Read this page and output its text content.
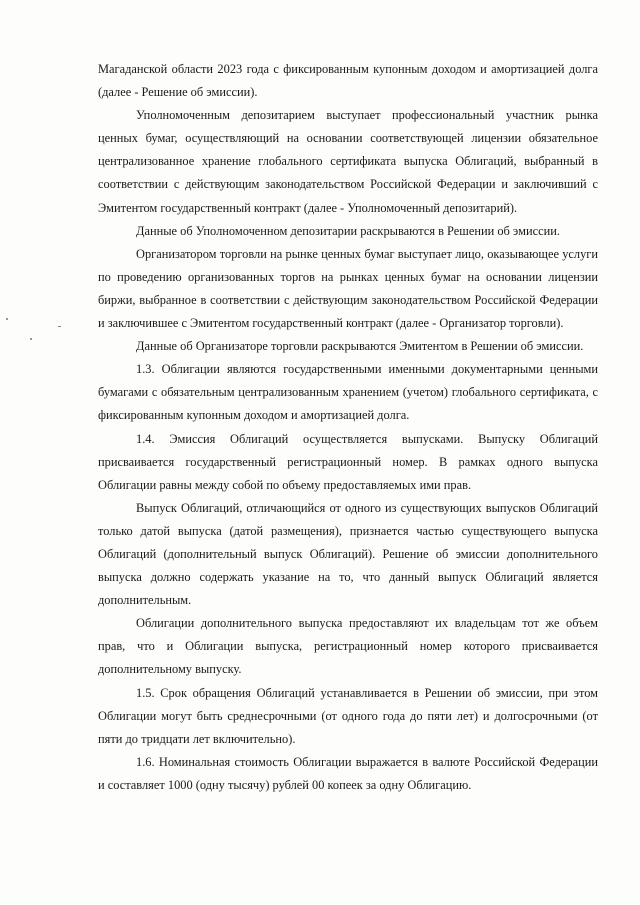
Магаданской области 2023 года с фиксированным купонным доходом и амортизацией долга (далее - Решение об эмиссии).

Уполномоченным депозитарием выступает профессиональный участник рынка ценных бумаг, осуществляющий на основании соответствующей лицензии обязательное централизованное хранение глобального сертификата выпуска Облигаций, выбранный в соответствии с действующим законодательством Российской Федерации и заключивший с Эмитентом государственный контракт (далее - Уполномоченный депозитарий).

Данные об Уполномоченном депозитарии раскрываются в Решении об эмиссии.

Организатором торговли на рынке ценных бумаг выступает лицо, оказывающее услуги по проведению организованных торгов на рынках ценных бумаг на основании лицензии биржи, выбранное в соответствии с действующим законодательством Российской Федерации и заключившее с Эмитентом государственный контракт (далее - Организатор торговли).

Данные об Организаторе торговли раскрываются Эмитентом в Решении об эмиссии.

1.3. Облигации являются государственными именными документарными ценными бумагами с обязательным централизованным хранением (учетом) глобального сертификата, с фиксированным купонным доходом и амортизацией долга.

1.4. Эмиссия Облигаций осуществляется выпусками. Выпуску Облигаций присваивается государственный регистрационный номер. В рамках одного выпуска Облигации равны между собой по объему предоставляемых ими прав.

Выпуск Облигаций, отличающийся от одного из существующих выпусков Облигаций только датой выпуска (датой размещения), признается частью существующего выпуска Облигаций (дополнительный выпуск Облигаций). Решение об эмиссии дополнительного выпуска должно содержать указание на то, что данный выпуск Облигаций является дополнительным.

Облигации дополнительного выпуска предоставляют их владельцам тот же объем прав, что и Облигации выпуска, регистрационный номер которого присваивается дополнительному выпуску.

1.5. Срок обращения Облигаций устанавливается в Решении об эмиссии, при этом Облигации могут быть среднесрочными (от одного года до пяти лет) и долгосрочными (от пяти до тридцати лет включительно).

1.6. Номинальная стоимость Облигации выражается в валюте Российской Федерации и составляет 1000 (одну тысячу) рублей 00 копеек за одну Облигацию.
